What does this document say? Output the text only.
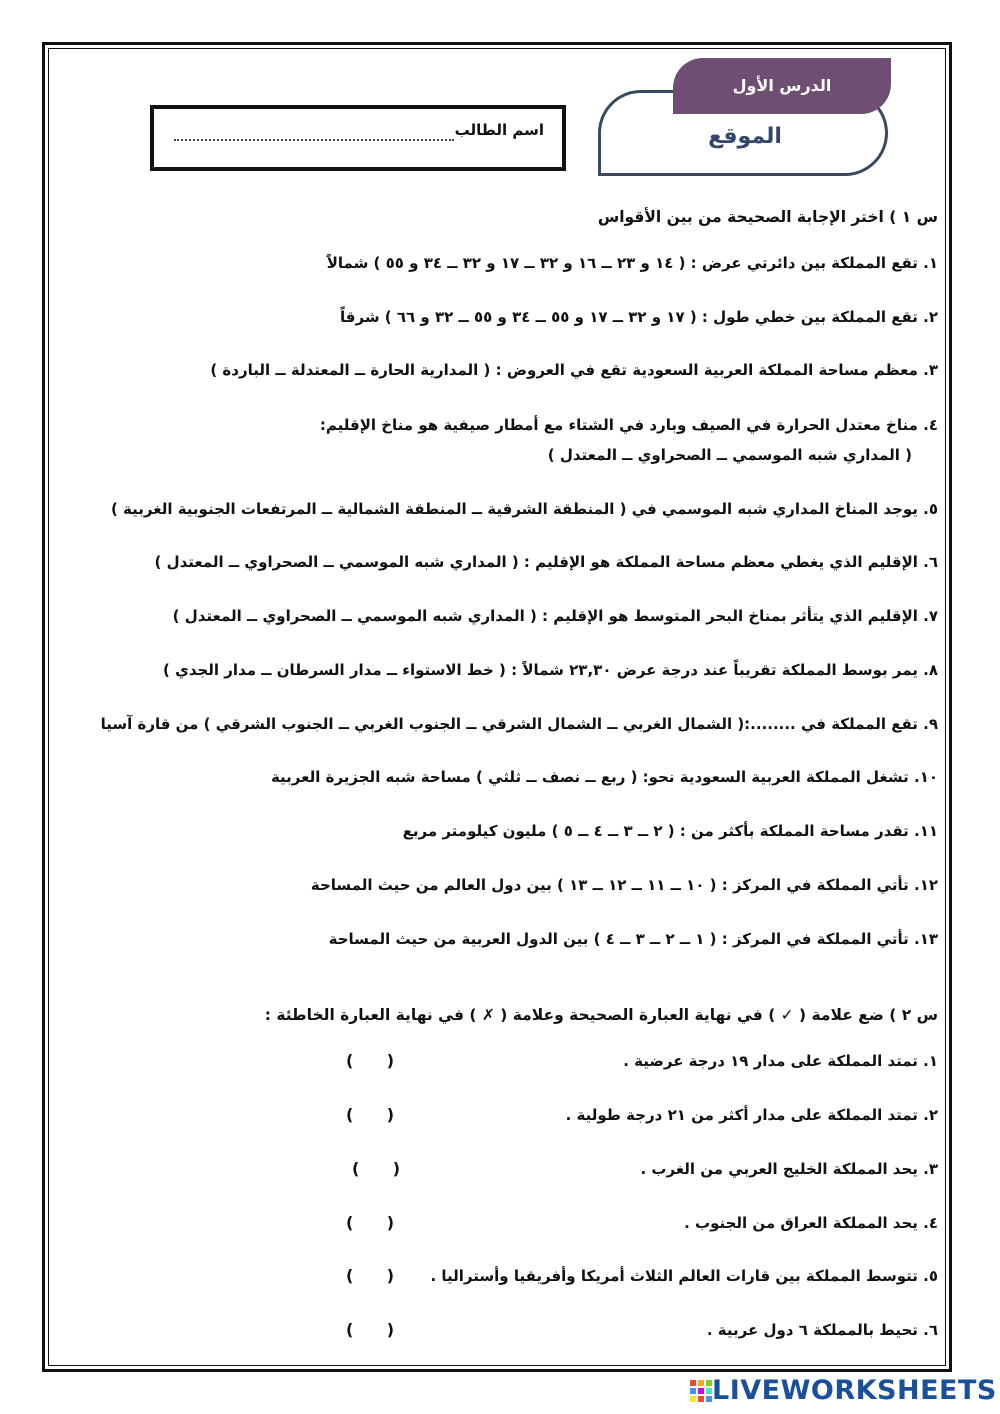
الدرس الأول
الموقع
اسم الطالب
س ١ ) اختر الإجابة الصحيحة من بين الأقواس
١. تقع المملكة بين دائرتي عرض : ( ١٤ و ٢٣ ــ ١٦ و ٣٢ ــ ١٧ و ٣٢ ــ ٣٤ و ٥٥ ) شمالاً
٢. تقع المملكة بين خطي طول : ( ١٧ و ٣٢ ــ ١٧ و ٥٥ ــ ٣٤ و ٥٥ ــ ٣٢ و ٦٦ ) شرقاً
٣. معظم مساحة المملكة العربية السعودية تقع في العروض : ( المدارية الحارة ــ المعتدلة ــ الباردة )
٤. مناخ معتدل الحرارة في الصيف وبارد في الشتاء مع أمطار صيفية هو مناخ الإقليم:
( المداري شبه الموسمي ــ الصحراوي ــ المعتدل )
٥. يوجد المناخ المداري شبه الموسمي في ( المنطقة الشرقية ــ المنطقة الشمالية ــ المرتفعات الجنوبية الغربية )
٦. الإقليم الذي يغطي معظم مساحة المملكة هو الإقليم : ( المداري شبه الموسمي ــ الصحراوي ــ المعتدل )
٧. الإقليم الذي يتأثر بمناخ البحر المتوسط هو الإقليم : ( المداري شبه الموسمي ــ الصحراوي ــ المعتدل )
٨. يمر بوسط المملكة تقريباً عند درجة عرض ٢٣,٣٠ شمالاً : ( خط الاستواء ــ مدار السرطان ــ مدار الجدي )
٩. تقع المملكة في ........:( الشمال الغربي ــ الشمال الشرقي ــ الجنوب الغربي ــ الجنوب الشرقي ) من قارة آسيا
١٠. تشغل المملكة العربية السعودية نحو: ( ربع ــ نصف ــ ثلثي ) مساحة شبه الجزيرة العربية
١١. تقدر مساحة المملكة بأكثر من : ( ٢ ــ ٣ ــ ٤ ــ ٥ ) مليون كيلومتر مربع
١٢. تأتي المملكة في المركز : ( ١٠ ــ ١١ ــ ١٢ ــ ١٣ ) بين دول العالم من حيث المساحة
١٣. تأتي المملكة في المركز : ( ١ ــ ٢ ــ ٣ ــ ٤ ) بين الدول العربية من حيث المساحة
س ٢ ) ضع علامة ( ✓ ) في نهاية العبارة الصحيحة وعلامة ( ✗ ) في نهاية العبارة الخاطئة :
١. تمتد المملكة على مدار ١٩ درجة عرضية .
(      )
٢. تمتد المملكة على مدار أكثر من ٢١ درجة طولية .
(      )
٣. يحد المملكة الخليج العربي من الغرب .
(      )
٤. يحد المملكة العراق من الجنوب .
(      )
٥. تتوسط المملكة بين قارات العالم الثلاث أمريكا وأفريقيا وأستراليا .
(      )
٦. تحيط بالمملكة ٦ دول عربية .
(      )
LIVEWORKSHEETS
